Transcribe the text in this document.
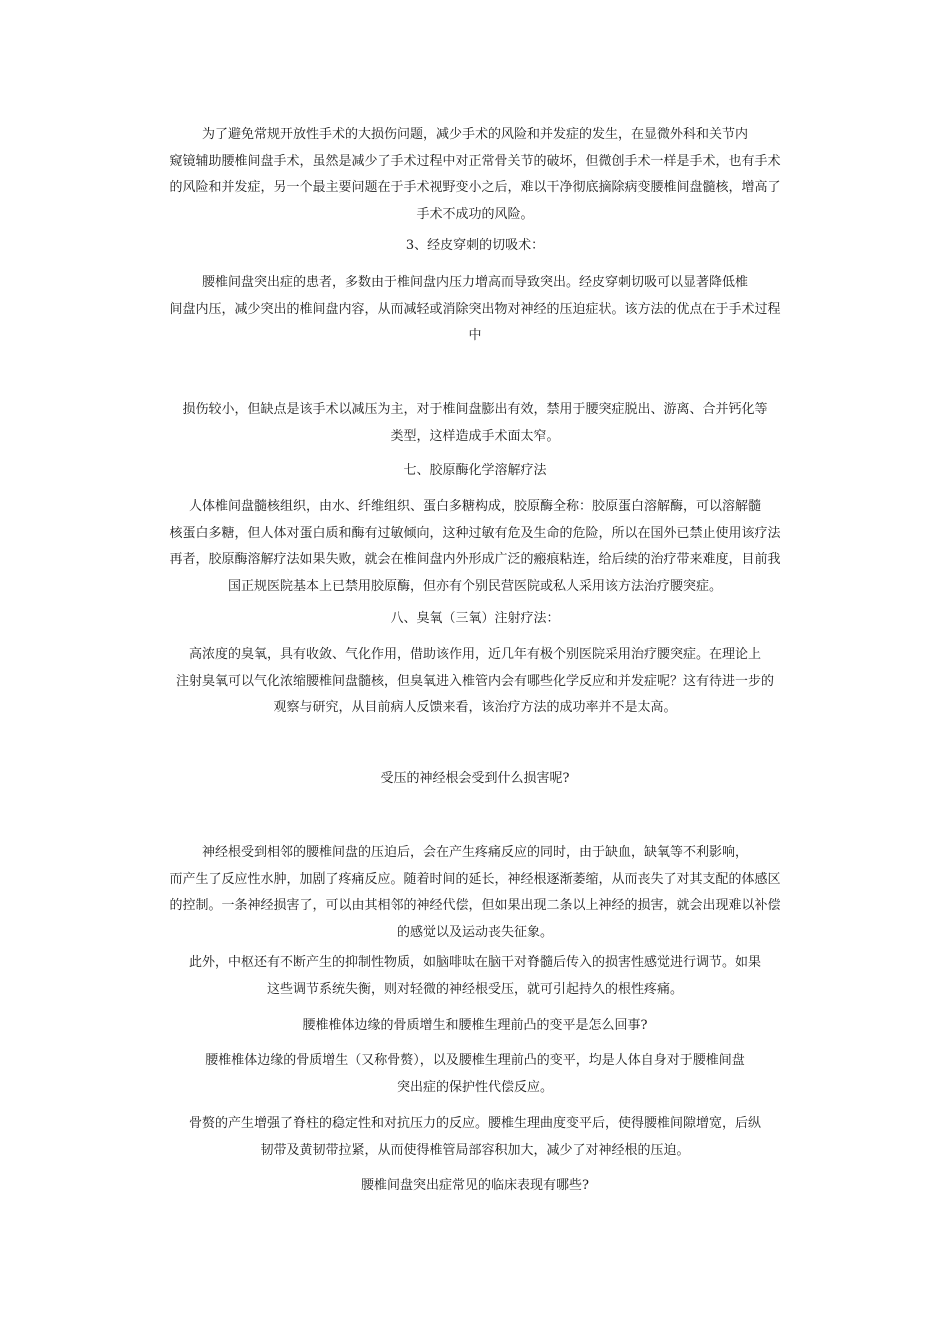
为了避免常规开放性手术的大损伤问题，减少手术的风险和并发症的发生，在显微外科和关节内
窥镜辅助腰椎间盘手术，虽然是减少了手术过程中对正常骨关节的破坏，但微创手术一样是手术，也有手术
的风险和并发症，另一个最主要问题在于手术视野变小之后，难以干净彻底摘除病变腰椎间盘髓核，增高了
手术不成功的风险。
3、经皮穿刺的切吸术：
腰椎间盘突出症的患者，多数由于椎间盘内压力增高而导致突出。经皮穿刺切吸可以显著降低椎
间盘内压，减少突出的椎间盘内容，从而减轻或消除突出物对神经的压迫症状。该方法的优点在于手术过程
中
损伤较小，但缺点是该手术以减压为主，对于椎间盘膨出有效，禁用于腰突症脱出、游离、合并钙化等
类型，这样造成手术面太窄。
七、胶原酶化学溶解疗法
人体椎间盘髓核组织，由水、纤维组织、蛋白多糖构成，胶原酶全称：胶原蛋白溶解酶，可以溶解髓
核蛋白多糖，但人体对蛋白质和酶有过敏倾向，这种过敏有危及生命的危险，所以在国外已禁止使用该疗法
再者，胶原酶溶解疗法如果失败，就会在椎间盘内外形成广泛的瘢痕粘连，给后续的治疗带来难度，目前我
国正规医院基本上已禁用胶原酶，但亦有个别民营医院或私人采用该方法治疗腰突症。
八、臭氧（三氧）注射疗法：
高浓度的臭氧，具有收敛、气化作用，借助该作用，近几年有极个别医院采用治疗腰突症。在理论上
注射臭氧可以气化浓缩腰椎间盘髓核，但臭氧进入椎管内会有哪些化学反应和并发症呢？这有待进一步的
观察与研究，从目前病人反馈来看，该治疗方法的成功率并不是太高。
受压的神经根会受到什么损害呢?
神经根受到相邻的腰椎间盘的压迫后，会在产生疼痛反应的同时，由于缺血，缺氧等不利影响，
而产生了反应性水肿，加剧了疼痛反应。随着时间的延长，神经根逐渐萎缩，从而丧失了对其支配的体感区
的控制。一条神经损害了，可以由其相邻的神经代偿，但如果出现二条以上神经的损害，就会出现难以补偿
的感觉以及运动丧失征象。
此外，中枢还有不断产生的抑制性物质，如脑啡呔在脑干对脊髓后传入的损害性感觉进行调节。如果
这些调节系统失衡，则对轻微的神经根受压，就可引起持久的根性疼痛。
腰椎椎体边缘的骨质增生和腰椎生理前凸的变平是怎么回事?
腰椎椎体边缘的骨质增生（又称骨赘），以及腰椎生理前凸的变平，均是人体自身对于腰椎间盘
突出症的保护性代偿反应。
骨赘的产生增强了脊柱的稳定性和对抗压力的反应。腰椎生理曲度变平后，使得腰椎间隙增宽，后纵
韧带及黄韧带拉紧，从而使得椎管局部容积加大，减少了对神经根的压迫。
腰椎间盘突出症常见的临床表现有哪些?
